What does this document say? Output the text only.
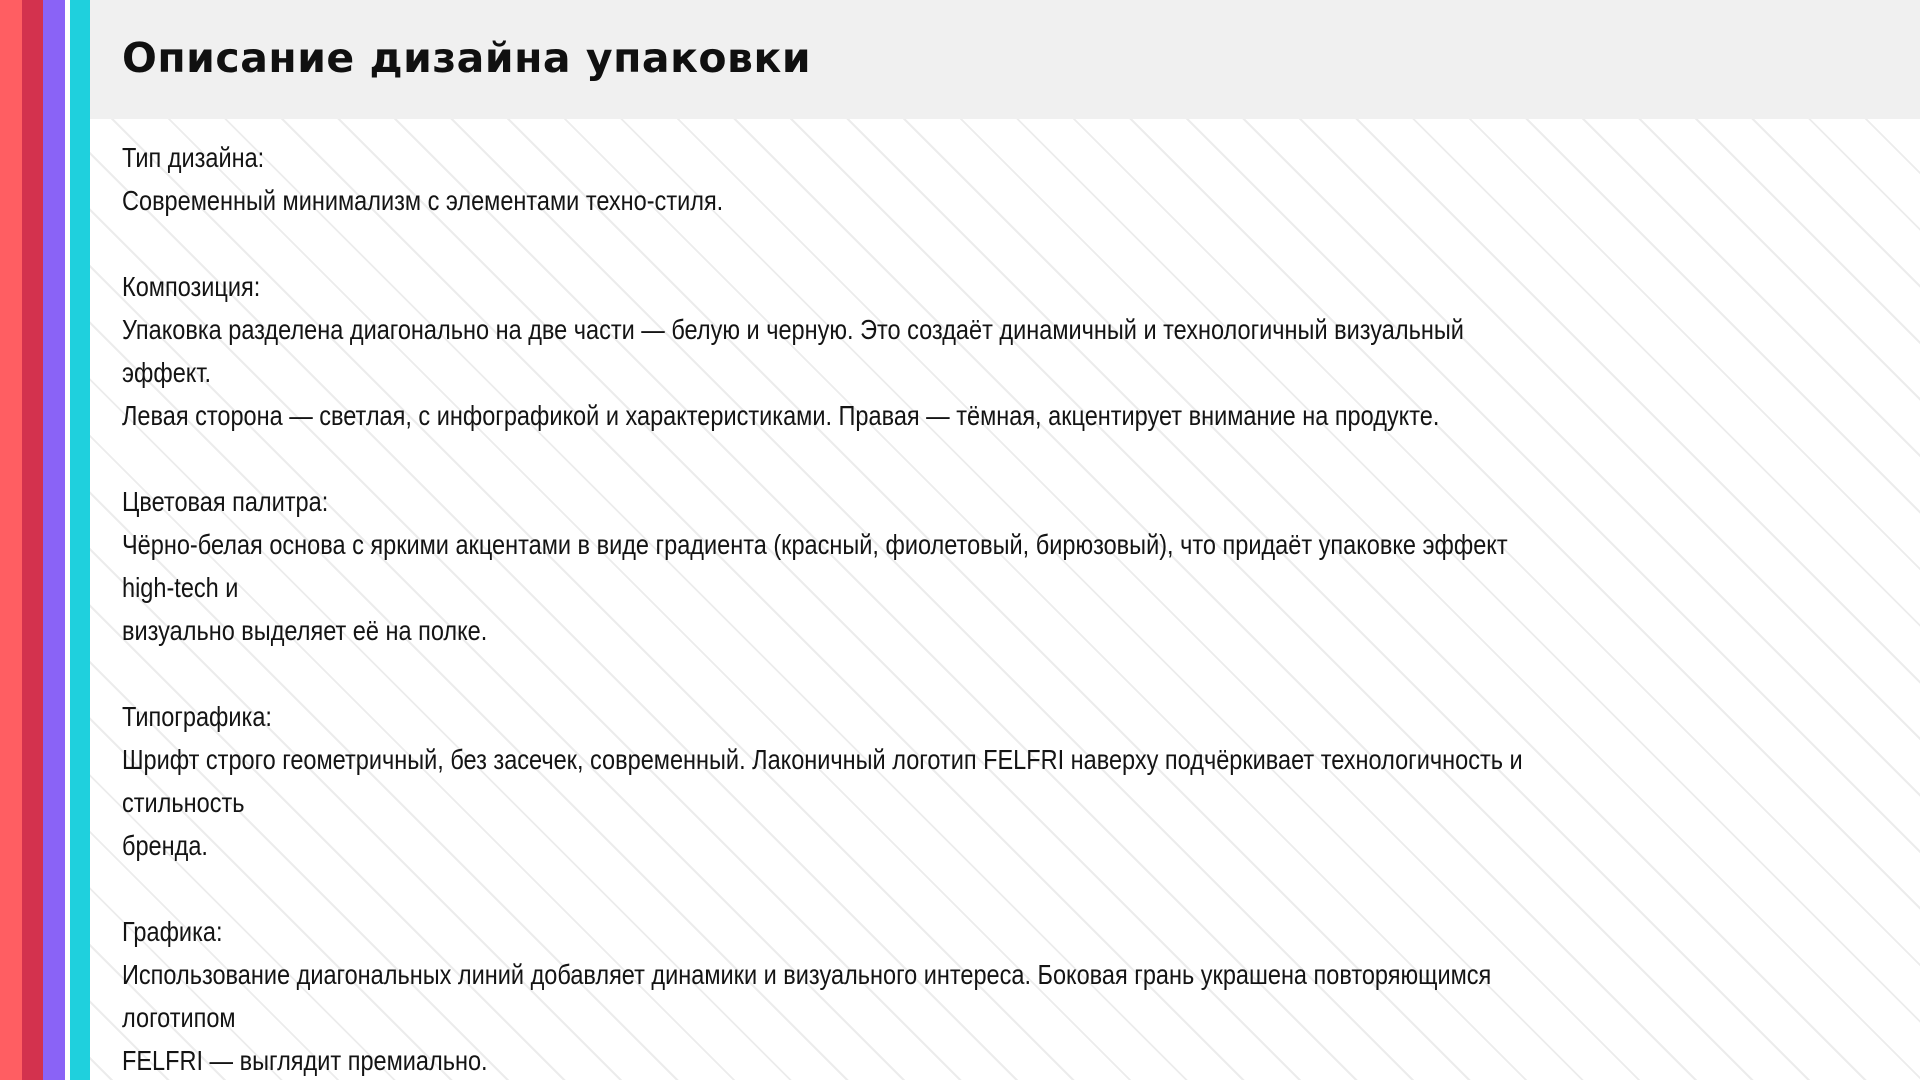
Описание дизайна упаковки

Тип дизайна:

Современный минимализм с элементами техно-стиля.

Композиция:

Упаковка разделена диагонально на две части — белую и черную. Это создаёт динамичный и технологичный визуальный эффект.

Левая сторона — светлая, с инфографикой и характеристиками. Правая — тёмная, акцентирует внимание на продукте.

Цветовая палитра:

Чёрно-белая основа с яркими акцентами в виде градиента (красный, фиолетовый, бирюзовый), что придаёт упаковке эффект high-tech и

визуально выделяет её на полке.

Типографика:

Шрифт строго геометричный, без засечек, современный. Лаконичный логотип FELFRI наверху подчёркивает технологичность и стильность

бренда.

Графика:

Использование диагональных линий добавляет динамики и визуального интереса. Боковая грань украшена повторяющимся логотипом

FELFRI — выглядит премиально.
